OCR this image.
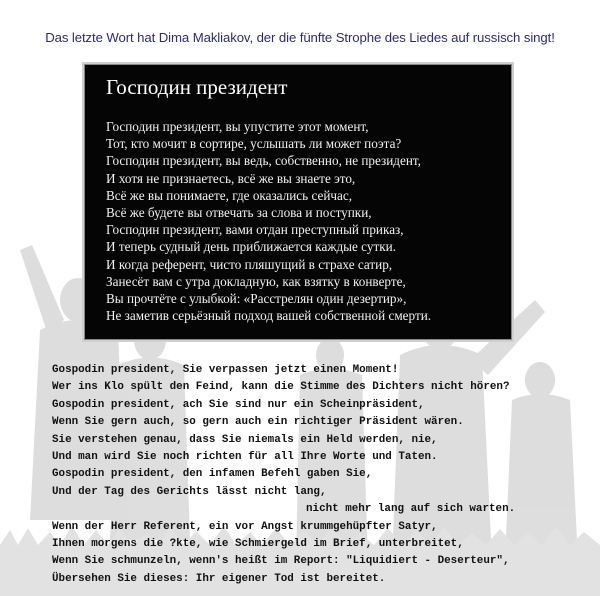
Das letzte Wort hat Dima Makliakov, der die fünfte Strophe des Liedes auf russisch singt!
Господин президент
Господин президент, вы упустите этот момент,
Тот, кто мочит в сортире, услышать ли может поэта?
Господин президент, вы ведь, собственно, не президент,
И хотя не признаетесь, всё же вы знаете это,
Всё же вы понимаете, где оказались сейчас,
Всё же будете вы отвечать за слова и поступки,
Господин президент, вами отдан преступный приказ,
И теперь судный день приближается каждые сутки.
И когда референт, чисто пляшущий в страхе сатир,
Занесёт вам с утра докладную, как взятку в конверте,
Вы прочтёте с улыбкой: «Расстрелян один дезертир»,
Не заметив серьёзный подход вашей собственной смерти.
Gospodin president, Sie verpassen jetzt einen Moment!
Wer ins Klo spült den Feind, kann die Stimme des Dichters nicht hören?
Gospodin president, ach Sie sind nur ein Scheinpräsident,
Wenn Sie gern auch, so gern auch ein richtiger Präsident wären.
Sie verstehen genau, dass Sie niemals ein Held werden, nie,
Und man wird Sie noch richten für all Ihre Worte und Taten.
Gospodin president, den infamen Befehl gaben Sie,
Und der Tag des Gerichts lässt nicht lang,
nicht mehr lang auf sich warten.
Wenn der Herr Referent, ein vor Angst krummgehüpfter Satyr,
Ihnen morgens die ?kte, wie Schmiergeld im Brief, unterbreitet,
Wenn Sie schmunzeln, wenn's heißt im Report: "Liquidiert - Deserteur",
Übersehen Sie dieses: Ihr eigener Tod ist bereitet.
